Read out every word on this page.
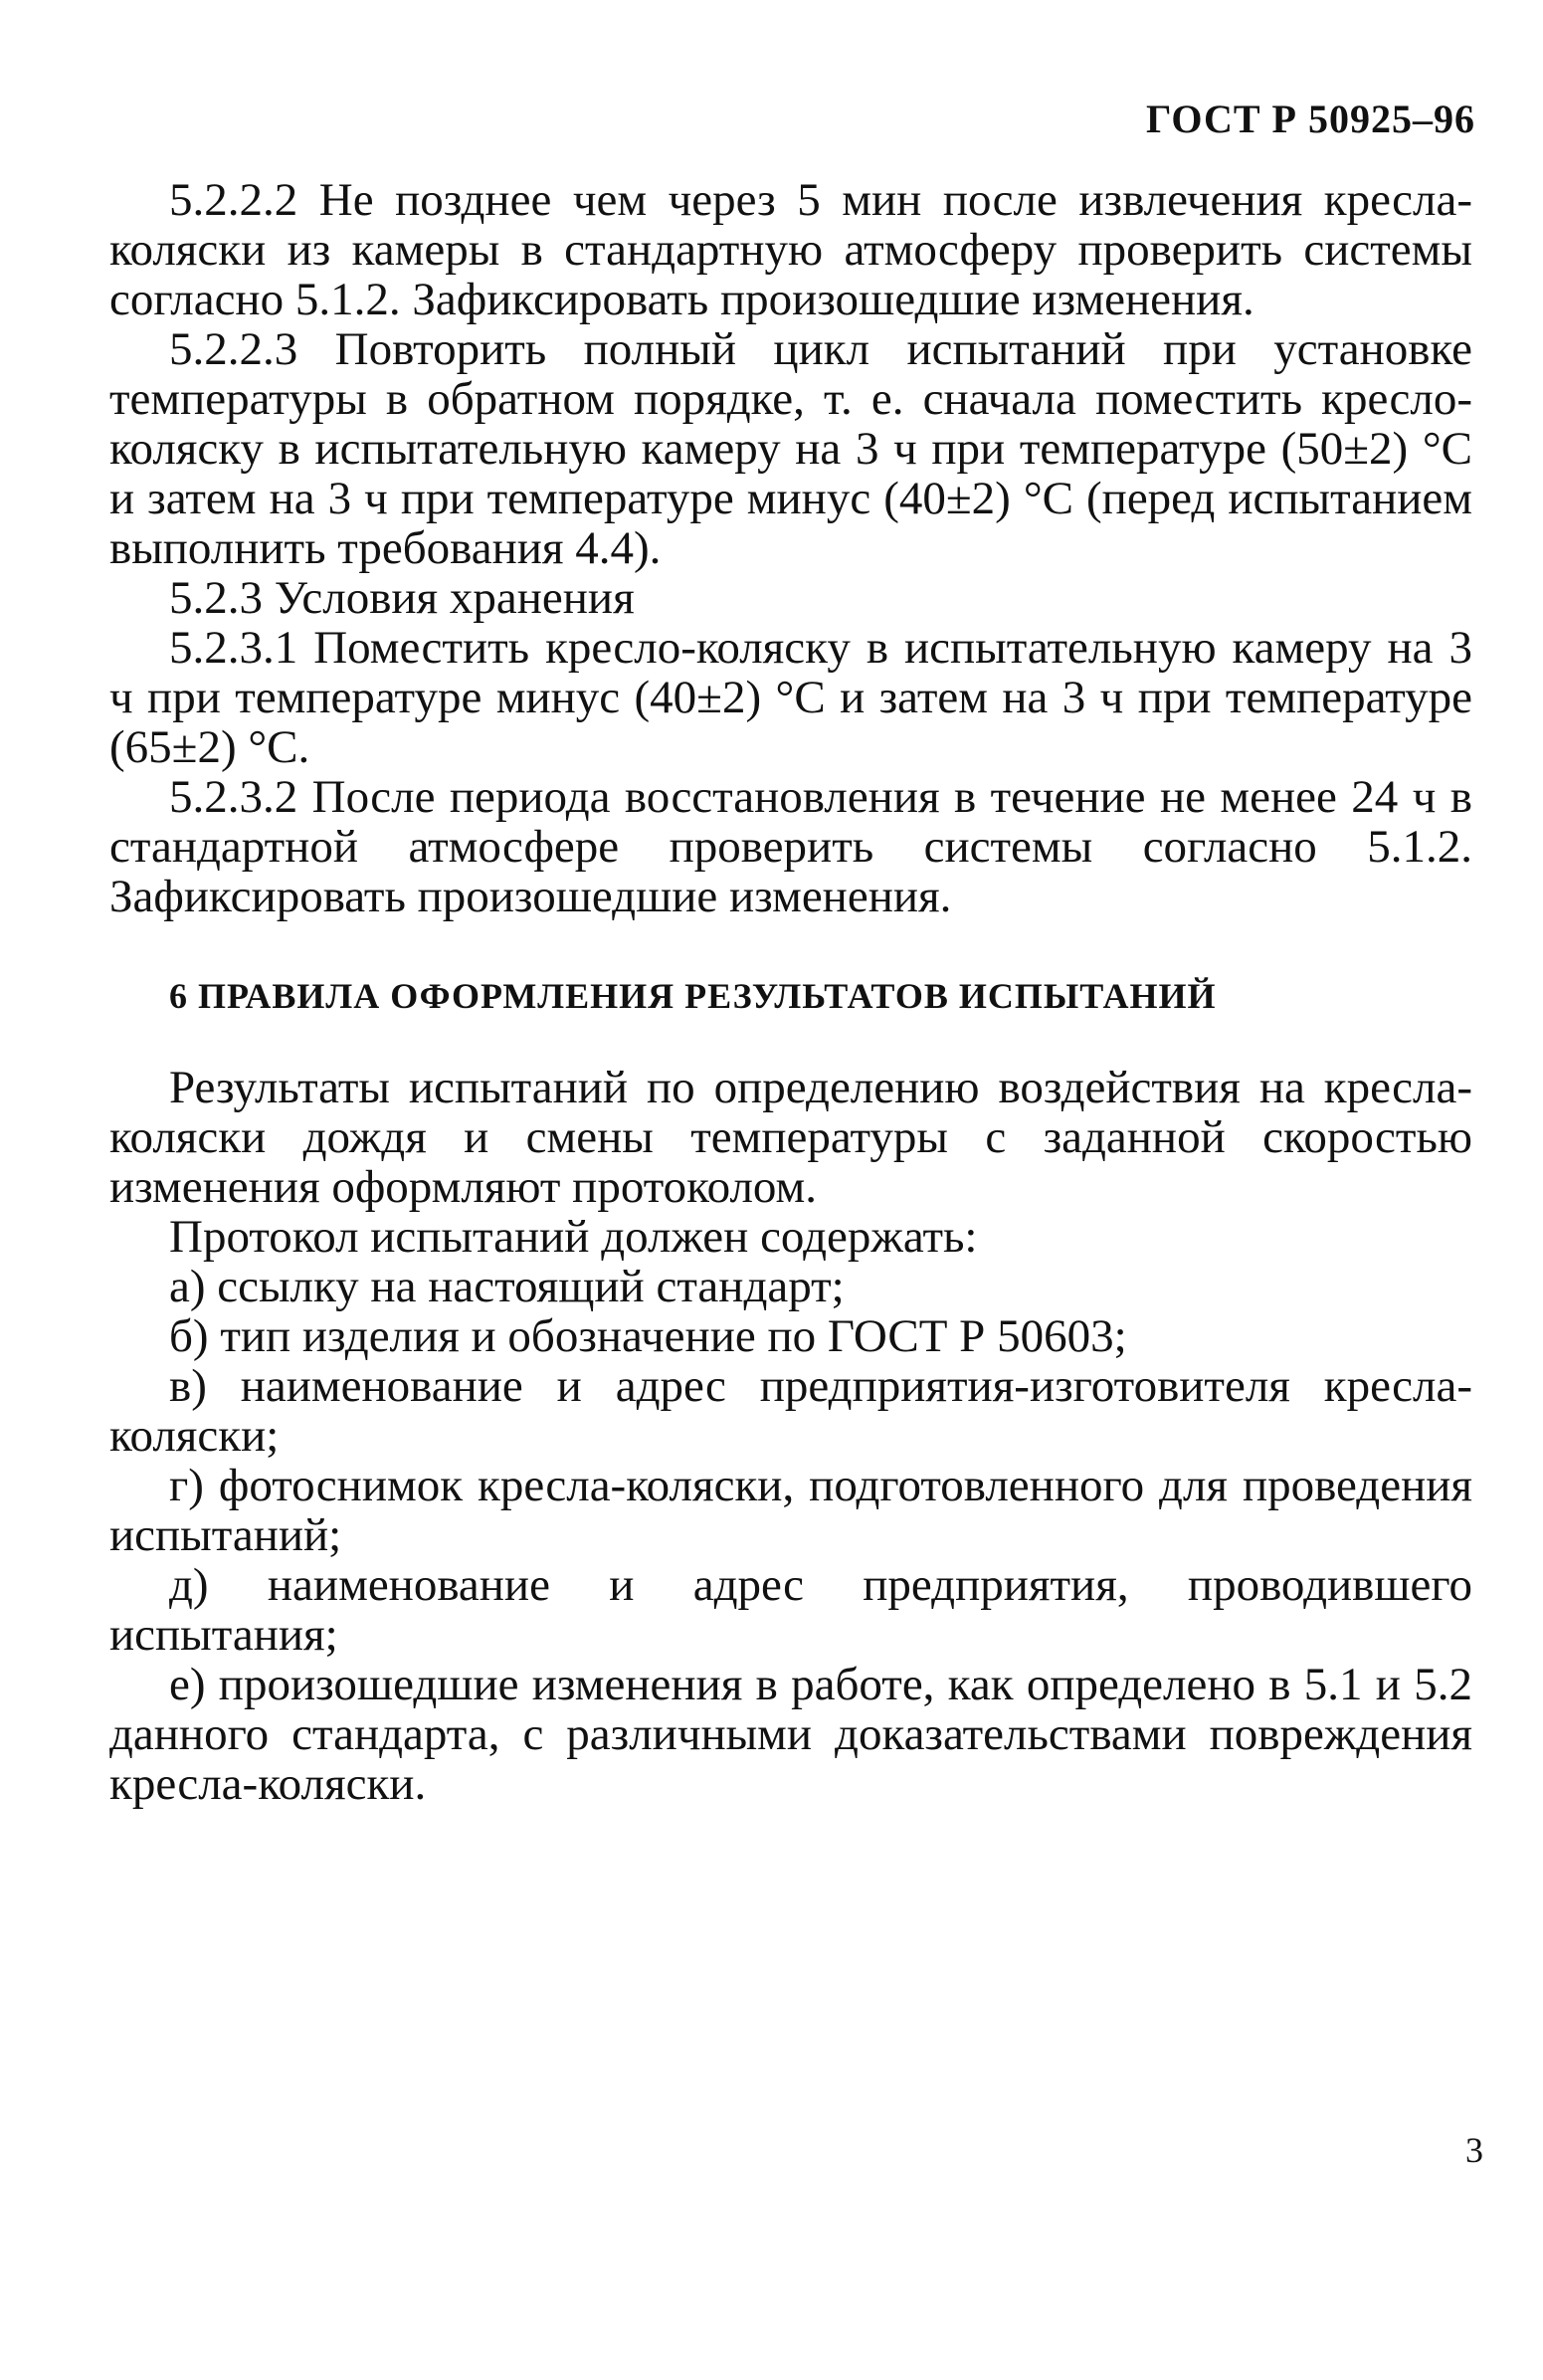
ГОСТ Р 50925–96

5.2.2.2 Не позднее чем через 5 мин после извлечения кресла-коляски из камеры в стандартную атмосферу проверить системы согласно 5.1.2. Зафиксировать произошедшие изменения.

5.2.2.3 Повторить полный цикл испытаний при установке температуры в обратном порядке, т. е. сначала поместить кресло-коляску в испытательную камеру на 3 ч при температуре (50±2) °С и затем на 3 ч при температуре минус (40±2) °С (перед испытанием выполнить требования 4.4).

5.2.3 Условия хранения

5.2.3.1 Поместить кресло-коляску в испытательную камеру на 3 ч при температуре минус (40±2) °С и затем на 3 ч при температуре (65±2) °С.

5.2.3.2 После периода восстановления в течение не менее 24 ч в стандартной атмосфере проверить системы согласно 5.1.2. Зафиксировать произошедшие изменения.

6 ПРАВИЛА ОФОРМЛЕНИЯ РЕЗУЛЬТАТОВ ИСПЫТАНИЙ

Результаты испытаний по определению воздействия на кресла-коляски дождя и смены температуры с заданной скоростью изменения оформляют протоколом.

Протокол испытаний должен содержать:

а) ссылку на настоящий стандарт;

б) тип изделия и обозначение по ГОСТ Р 50603;

в) наименование и адрес предприятия-изготовителя кресла-коляски;

г) фотоснимок кресла-коляски, подготовленного для проведения испытаний;

д) наименование и адрес предприятия, проводившего испытания;

е) произошедшие изменения в работе, как определено в 5.1 и 5.2 данного стандарта, с различными доказательствами повреждения кресла-коляски.

3
